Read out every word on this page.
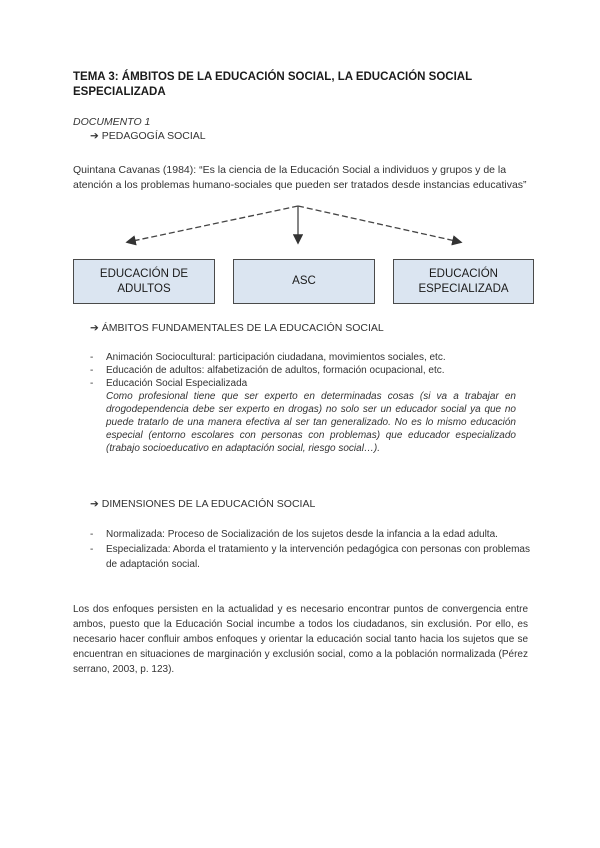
TEMA 3: ÁMBITOS DE LA EDUCACIÓN SOCIAL, LA EDUCACIÓN SOCIAL ESPECIALIZADA
DOCUMENTO 1
➔ PEDAGOGÍA SOCIAL
Quintana Cavanas (1984): “Es la ciencia de la Educación Social a individuos y grupos y de la atención a los problemas humano-sociales que pueden ser tratados desde instancias educativas”
EDUCACIÓN DE ADULTOS
ASC
EDUCACIÓN ESPECIALIZADA
➔ ÁMBITOS FUNDAMENTALES DE LA EDUCACIÓN SOCIAL
- Animación Sociocultural: participación ciudadana, movimientos sociales, etc.
- Educación de adultos: alfabetización de adultos, formación ocupacional, etc.
- Educación Social Especializada
Como profesional tiene que ser experto en determinadas cosas (si va a trabajar en drogodependencia debe ser experto en drogas) no solo ser un educador social ya que no puede tratarlo de una manera efectiva al ser tan generalizado. No es lo mismo educación especial (entorno escolares con personas con problemas) que educador especializado (trabajo socioeducativo en adaptación social, riesgo social…).
➔ DIMENSIONES DE LA EDUCACIÓN SOCIAL
- Normalizada: Proceso de Socialización de los sujetos desde la infancia a la edad adulta.
- Especializada: Aborda el tratamiento y la intervención pedagógica con personas con problemas de adaptación social.
Los dos enfoques persisten en la actualidad y es necesario encontrar puntos de convergencia entre ambos, puesto que la Educación Social incumbe a todos los ciudadanos, sin exclusión. Por ello, es necesario hacer confluir ambos enfoques y orientar la educación social tanto hacia los sujetos que se encuentran en situaciones de marginación y exclusión social, como a la población normalizada (Pérez serrano, 2003, p. 123).
